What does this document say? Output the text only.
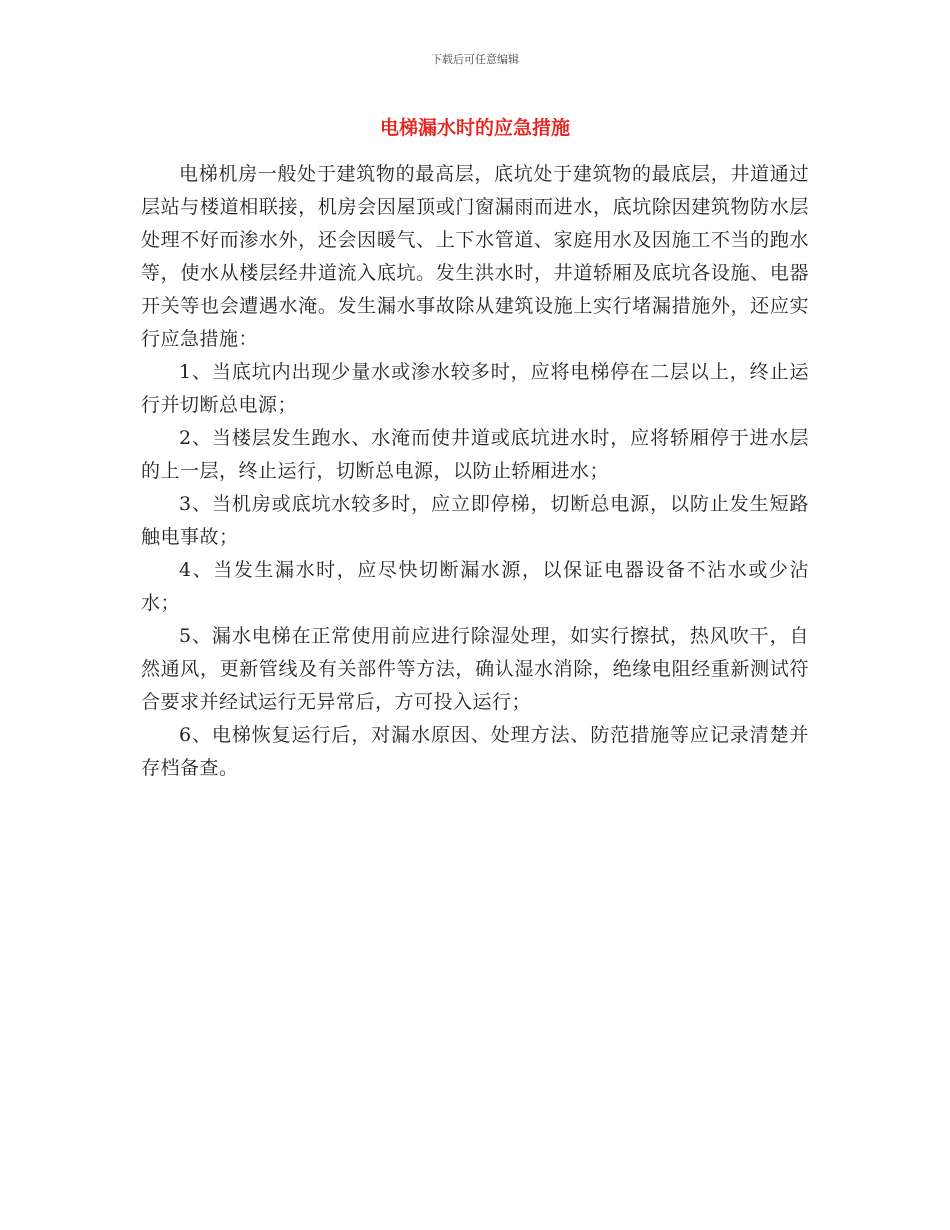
下载后可任意编辑
电梯漏水时的应急措施

电梯机房一般处于建筑物的最高层，底坑处于建筑物的最底层，井道通过层站与楼道相联接，机房会因屋顶或门窗漏雨而进水，底坑除因建筑物防水层处理不好而渗水外，还会因暖气、上下水管道、家庭用水及因施工不当的跑水等，使水从楼层经井道流入底坑。发生洪水时，井道轿厢及底坑各设施、电器开关等也会遭遇水淹。发生漏水事故除从建筑设施上实行堵漏措施外，还应实行应急措施：

1、当底坑内出现少量水或渗水较多时，应将电梯停在二层以上，终止运行并切断总电源；

2、当楼层发生跑水、水淹而使井道或底坑进水时，应将轿厢停于进水层的上一层，终止运行，切断总电源，以防止轿厢进水；

3、当机房或底坑水较多时，应立即停梯，切断总电源，以防止发生短路触电事故；

4、当发生漏水时，应尽快切断漏水源，以保证电器设备不沾水或少沾水；

5、漏水电梯在正常使用前应进行除湿处理，如实行擦拭，热风吹干，自然通风，更新管线及有关部件等方法，确认湿水消除，绝缘电阻经重新测试符合要求并经试运行无异常后，方可投入运行；

6、电梯恢复运行后，对漏水原因、处理方法、防范措施等应记录清楚并存档备查。
